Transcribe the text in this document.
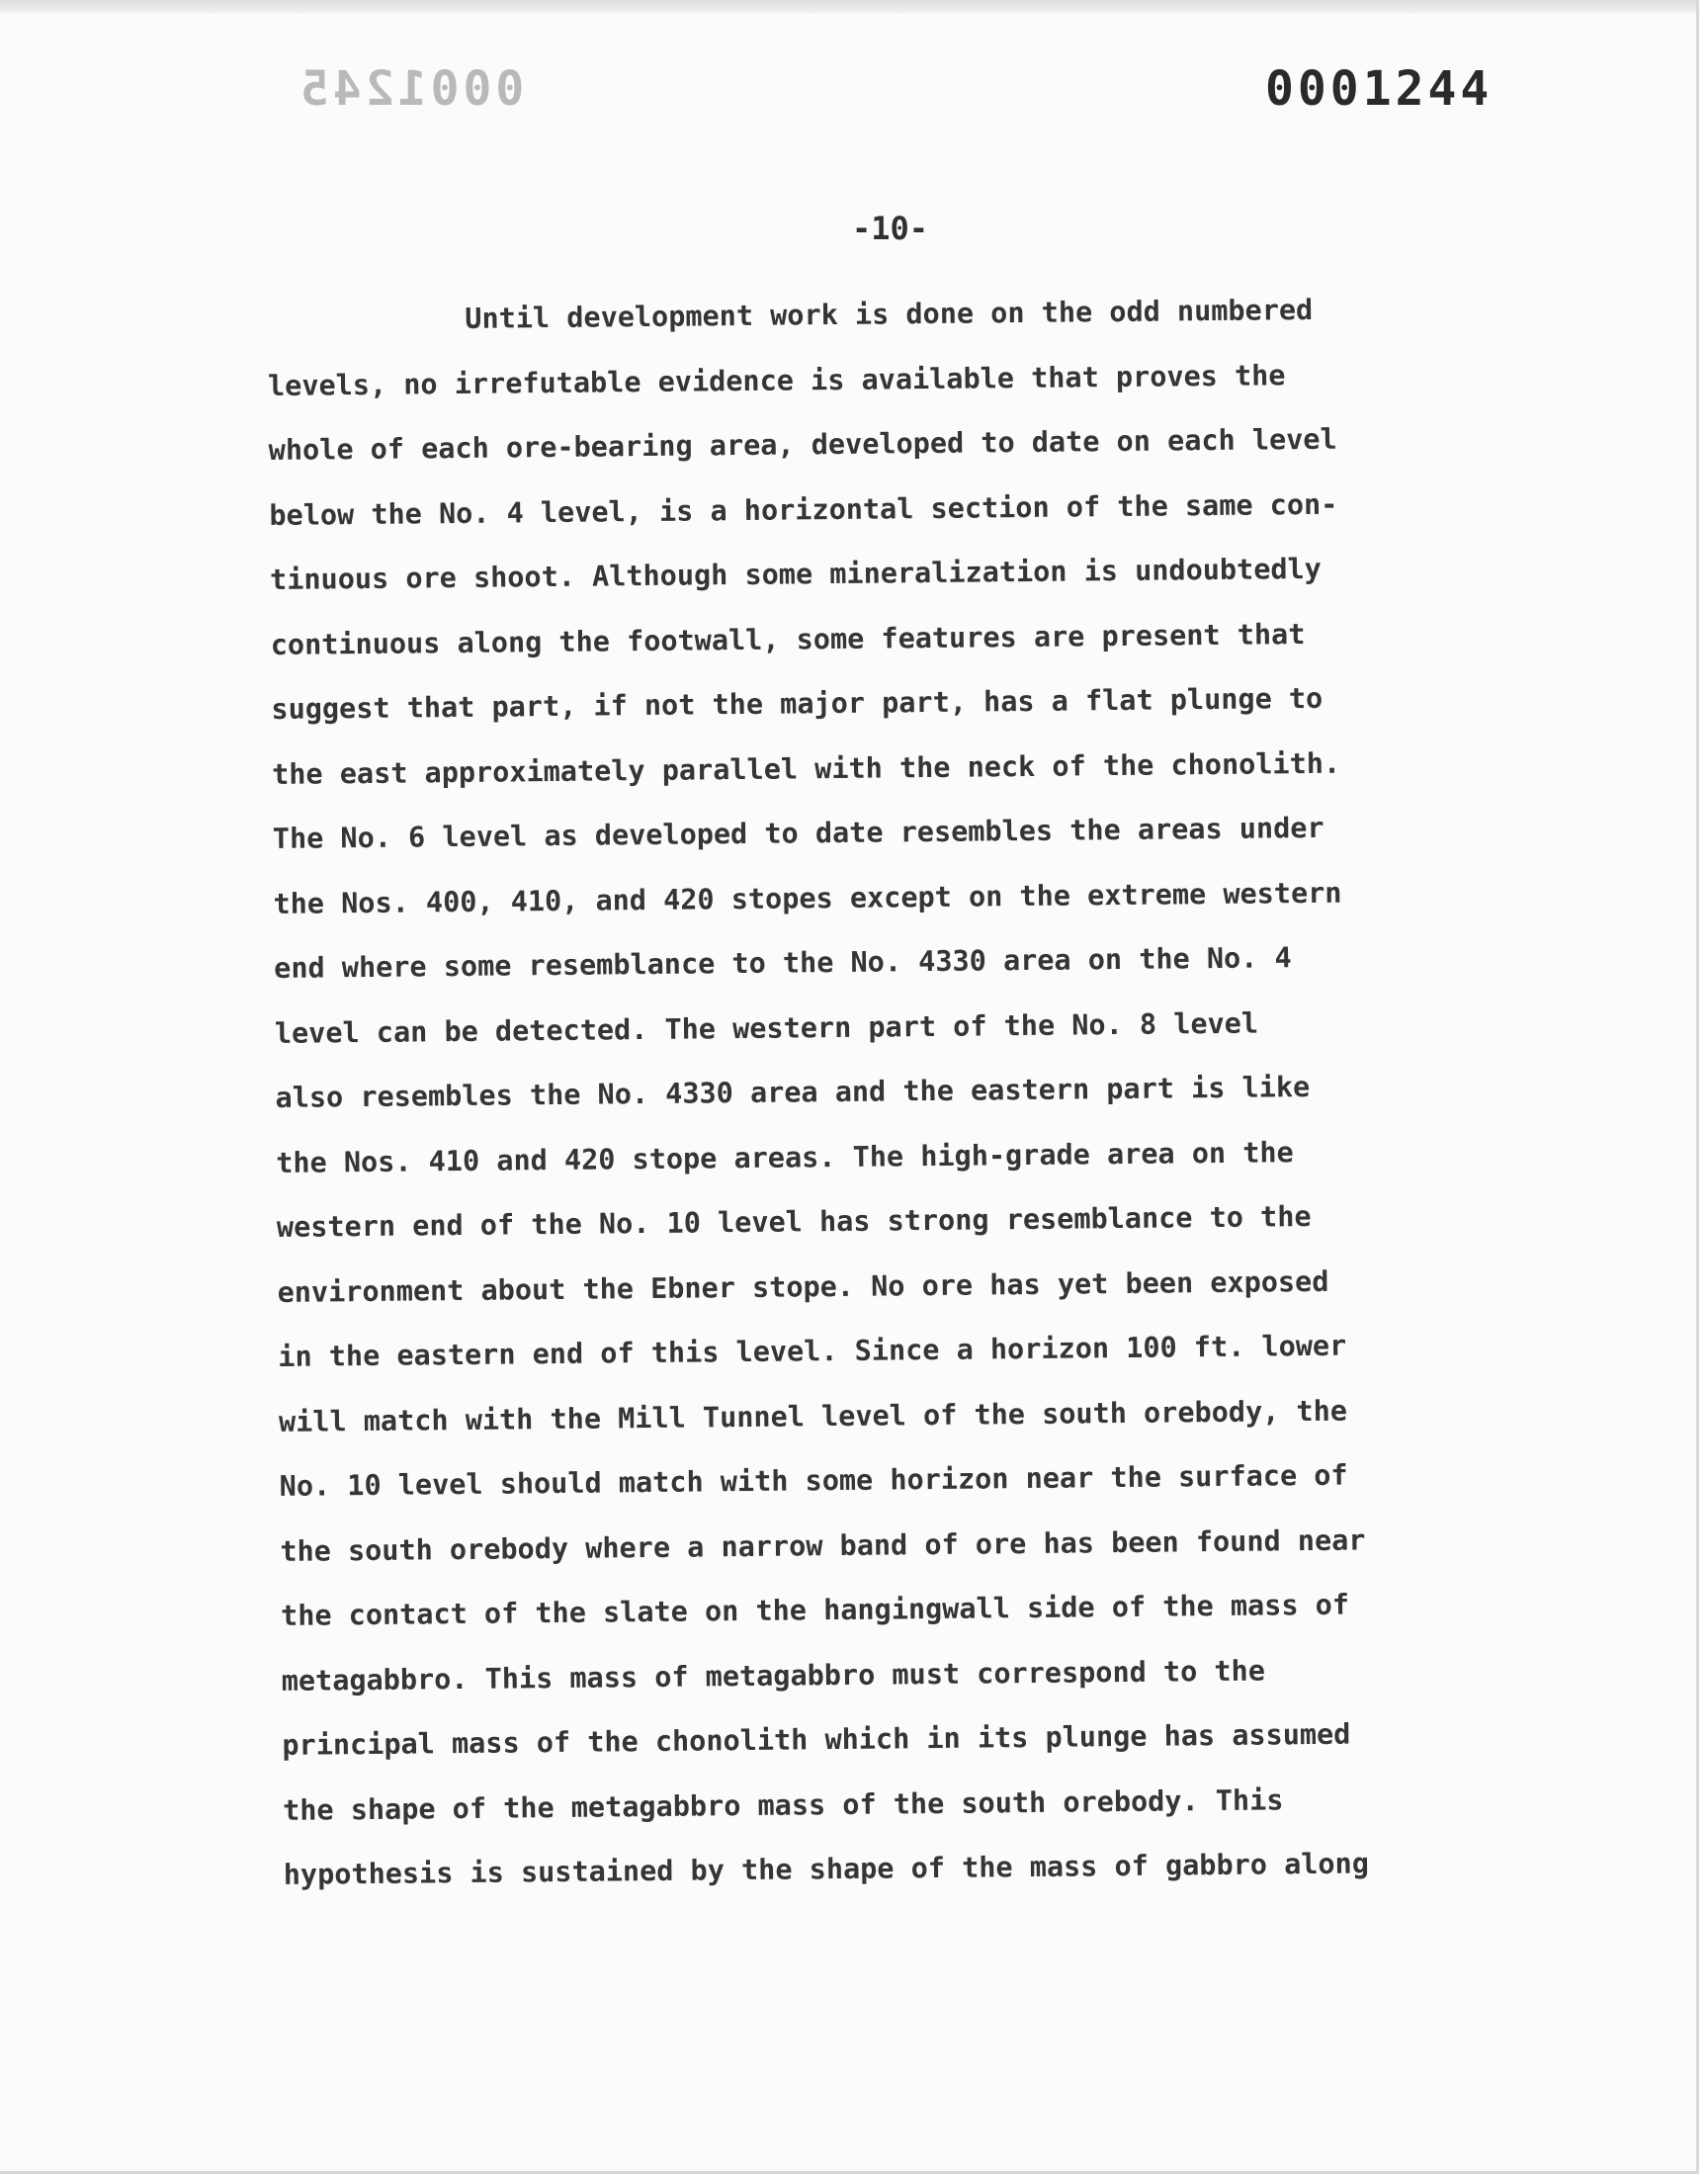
0001245	0001244
-10-
Until development work is done on the odd numbered
levels, no irrefutable evidence is available that proves the
whole of each ore-bearing area, developed to date on each level
below the No. 4 level, is a horizontal section of the same con-
tinuous ore shoot. Although some mineralization is undoubtedly
continuous along the footwall, some features are present that
suggest that part, if not the major part, has a flat plunge to
the east approximately parallel with the neck of the chonolith.
The No. 6 level as developed to date resembles the areas under
the Nos. 400, 410, and 420 stopes except on the extreme western
end where some resemblance to the No. 4330 area on the No. 4
level can be detected. The western part of the No. 8 level
also resembles the No. 4330 area and the eastern part is like
the Nos. 410 and 420 stope areas. The high-grade area on the
western end of the No. 10 level has strong resemblance to the
environment about the Ebner stope. No ore has yet been exposed
in the eastern end of this level. Since a horizon 100 ft. lower
will match with the Mill Tunnel level of the south orebody, the
No. 10 level should match with some horizon near the surface of
the south orebody where a narrow band of ore has been found near
the contact of the slate on the hangingwall side of the mass of
metagabbro. This mass of metagabbro must correspond to the
principal mass of the chonolith which in its plunge has assumed
the shape of the metagabbro mass of the south orebody. This
hypothesis is sustained by the shape of the mass of gabbro along
